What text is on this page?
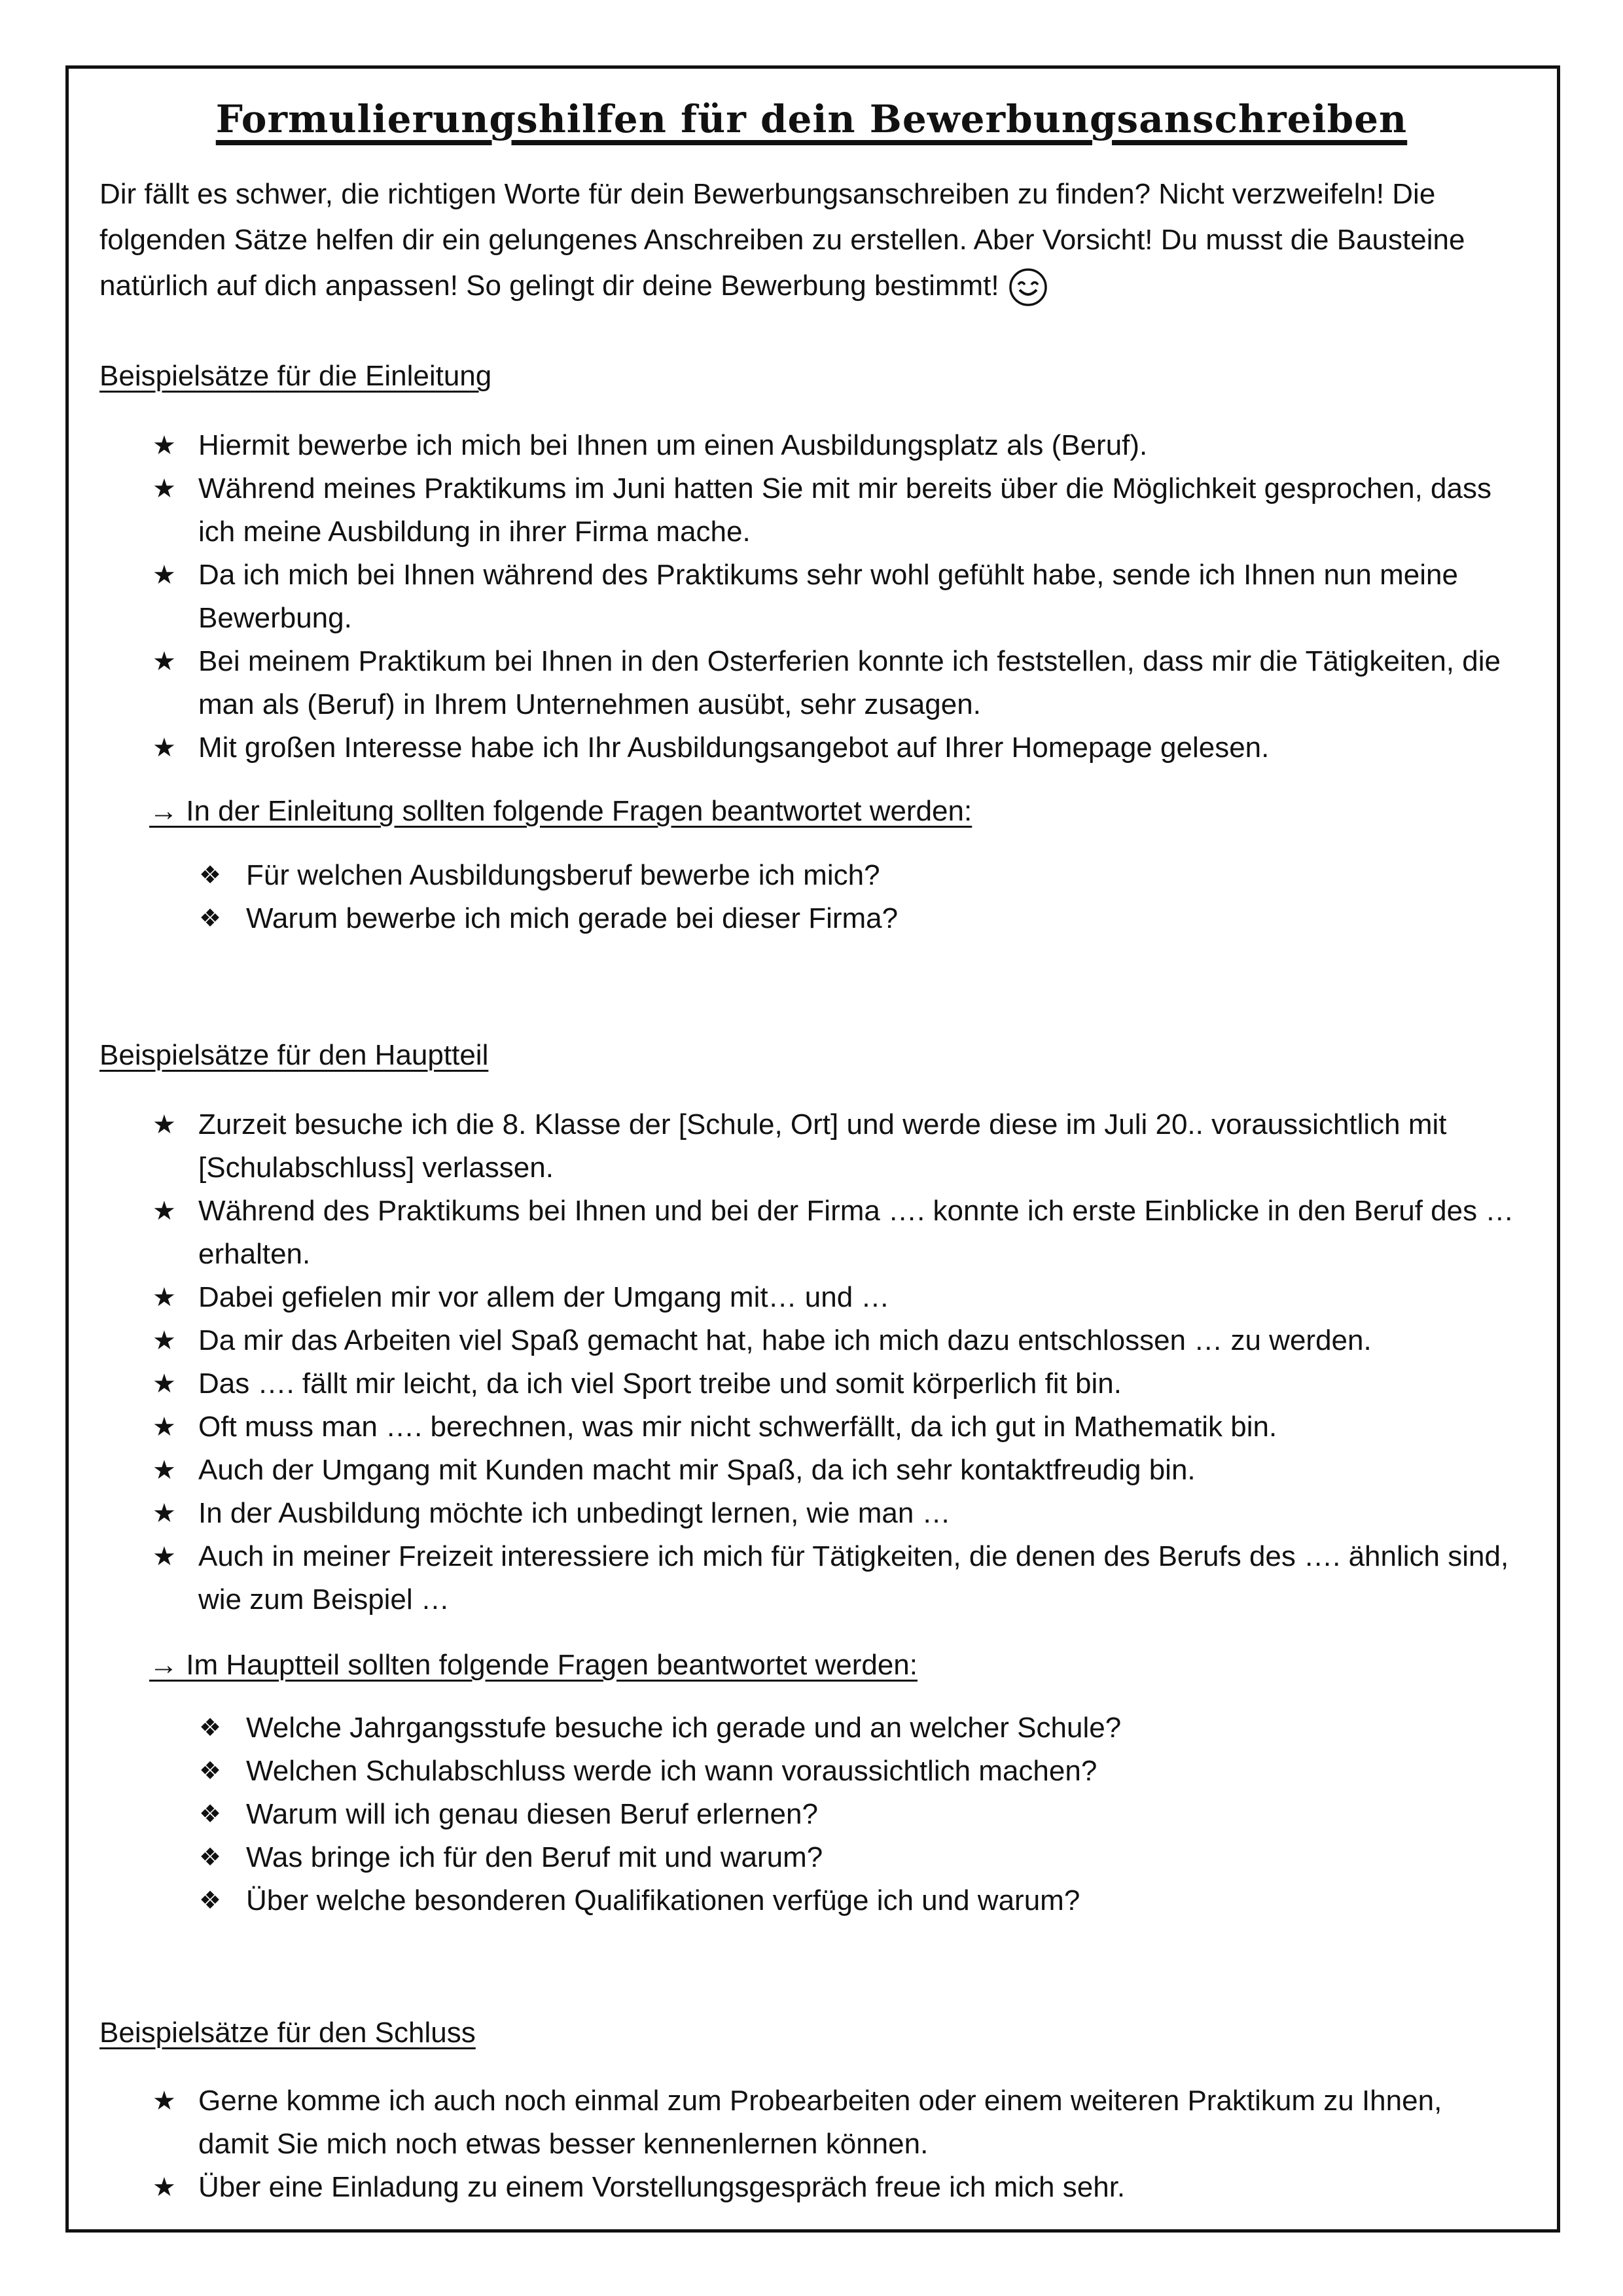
Formulierungshilfen für dein Bewerbungsanschreiben
Dir fällt es schwer, die richtigen Worte für dein Bewerbungsanschreiben zu finden? Nicht verzweifeln! Die folgenden Sätze helfen dir ein gelungenes Anschreiben zu erstellen. Aber Vorsicht! Du musst die Bausteine natürlich auf dich anpassen! So gelingt dir deine Bewerbung bestimmt!
Beispielsätze für die Einleitung
★ Hiermit bewerbe ich mich bei Ihnen um einen Ausbildungsplatz als (Beruf).
★ Während meines Praktikums im Juni hatten Sie mit mir bereits über die Möglichkeit gesprochen, dass ich meine Ausbildung in ihrer Firma mache.
★ Da ich mich bei Ihnen während des Praktikums sehr wohl gefühlt habe, sende ich Ihnen nun meine Bewerbung.
★ Bei meinem Praktikum bei Ihnen in den Osterferien konnte ich feststellen, dass mir die Tätigkeiten, die man als (Beruf) in Ihrem Unternehmen ausübt, sehr zusagen.
★ Mit großen Interesse habe ich Ihr Ausbildungsangebot auf Ihrer Homepage gelesen.
→ In der Einleitung sollten folgende Fragen beantwortet werden:
❖ Für welchen Ausbildungsberuf bewerbe ich mich?
❖ Warum bewerbe ich mich gerade bei dieser Firma?
Beispielsätze für den Hauptteil
★ Zurzeit besuche ich die 8. Klasse der [Schule, Ort] und werde diese im Juli 20.. voraussichtlich mit [Schulabschluss] verlassen.
★ Während des Praktikums bei Ihnen und bei der Firma …. konnte ich erste Einblicke in den Beruf des … erhalten.
★ Dabei gefielen mir vor allem der Umgang mit… und …
★ Da mir das Arbeiten viel Spaß gemacht hat, habe ich mich dazu entschlossen … zu werden.
★ Das …. fällt mir leicht, da ich viel Sport treibe und somit körperlich fit bin.
★ Oft muss man …. berechnen, was mir nicht schwerfällt, da ich gut in Mathematik bin.
★ Auch der Umgang mit Kunden macht mir Spaß, da ich sehr kontaktfreudig bin.
★ In der Ausbildung möchte ich unbedingt lernen, wie man …
★ Auch in meiner Freizeit interessiere ich mich für Tätigkeiten, die denen des Berufs des …. ähnlich sind, wie zum Beispiel …
→ Im Hauptteil sollten folgende Fragen beantwortet werden:
❖ Welche Jahrgangsstufe besuche ich gerade und an welcher Schule?
❖ Welchen Schulabschluss werde ich wann voraussichtlich machen?
❖ Warum will ich genau diesen Beruf erlernen?
❖ Was bringe ich für den Beruf mit und warum?
❖ Über welche besonderen Qualifikationen verfüge ich und warum?
Beispielsätze für den Schluss
★ Gerne komme ich auch noch einmal zum Probearbeiten oder einem weiteren Praktikum zu Ihnen, damit Sie mich noch etwas besser kennenlernen können.
★ Über eine Einladung zu einem Vorstellungsgespräch freue ich mich sehr.
